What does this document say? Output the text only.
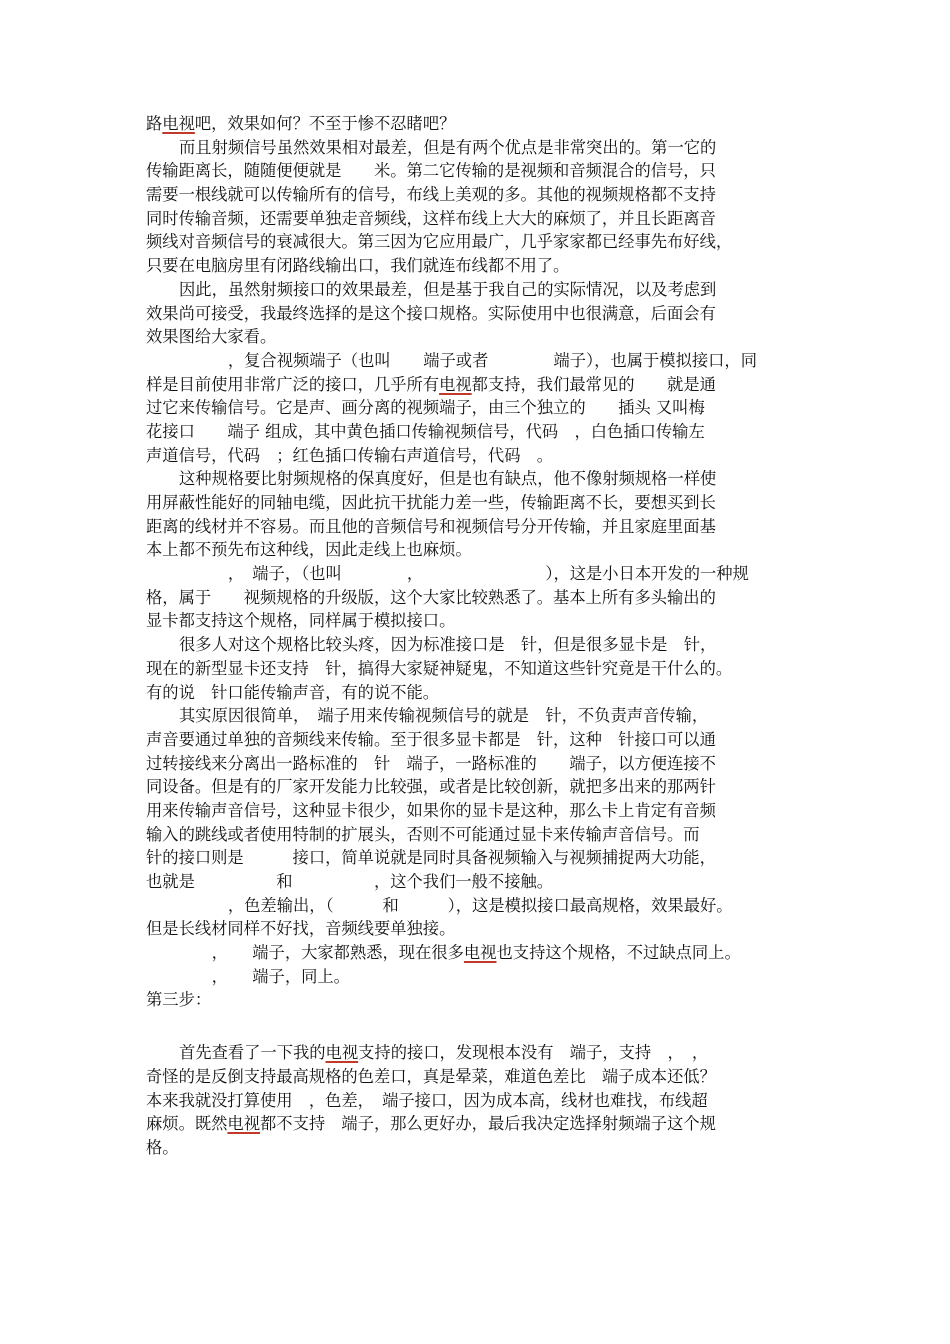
路电视吧，效果如何？不至于惨不忍睹吧？
而且射频信号虽然效果相对最差，但是有两个优点是非常突出的。第一它的
传输距离长，随随便便就是　　米。第二它传输的是视频和音频混合的信号，只
需要一根线就可以传输所有的信号，布线上美观的多。其他的视频规格都不支持
同时传输音频，还需要单独走音频线，这样布线上大大的麻烦了，并且长距离音
频线对音频信号的衰减很大。第三因为它应用最广，几乎家家都已经事先布好线，
只要在电脑房里有闭路线输出口，我们就连布线都不用了。
因此，虽然射频接口的效果最差，但是基于我自己的实际情况，以及考虑到
效果尚可接受，我最终选择的是这个接口规格。实际使用中也很满意，后面会有
效果图给大家看。
　　　，复合视频端子（也叫　　端子或者　　　　端子），也属于模拟接口，同
样是目前使用非常广泛的接口，几乎所有电视都支持，我们最常见的　　就是通
过它来传输信号。它是声、画分离的视频端子，由三个独立的　　插头 又叫梅
花接口　　端子 组成，其中黄色插口传输视频信号，代码　，白色插口传输左
声道信号，代码　；红色插口传输右声道信号，代码　。
这种规格要比射频规格的保真度好，但是也有缺点，他不像射频规格一样使
用屏蔽性能好的同轴电缆，因此抗干扰能力差一些，传输距离不长，要想买到长
距离的线材并不容易。而且他的音频信号和视频信号分开传输，并且家庭里面基
本上都不预先布这种线，因此走线上也麻烦。
　　　，　端子，（也叫　　　　，　　　　　　　　），这是小日本开发的一种规
格，属于　　视频规格的升级版，这个大家比较熟悉了。基本上所有多头输出的
显卡都支持这个规格，同样属于模拟接口。
很多人对这个规格比较头疼，因为标准接口是　针，但是很多显卡是　针，
现在的新型显卡还支持　针，搞得大家疑神疑鬼，不知道这些针究竟是干什么的。
有的说　针口能传输声音，有的说不能。
其实原因很简单，　端子用来传输视频信号的就是　针，不负责声音传输，
声音要通过单独的音频线来传输。至于很多显卡都是　针，这种　针接口可以通
过转接线来分离出一路标准的　针　端子，一路标准的　　端子，以方便连接不
同设备。但是有的厂家开发能力比较强，或者是比较创新，就把多出来的那两针
用来传输声音信号，这种显卡很少，如果你的显卡是这种，那么卡上肯定有音频
输入的跳线或者使用特制的扩展头，否则不可能通过显卡来传输声音信号。而
针的接口则是　　　接口，简单说就是同时具备视频输入与视频捕捉两大功能，
也就是　　　　　和　　　　　，这个我们一般不接触。
　　　，色差输出，（　　　和　　　），这是模拟接口最高规格，效果最好。
但是长线材同样不好找，音频线要单独接。
　　，　　端子，大家都熟悉，现在很多电视也支持这个规格，不过缺点同上。
　　，　　端子，同上。
第三步：
首先查看了一下我的电视支持的接口，发现根本没有　端子，支持　，　，
奇怪的是反倒支持最高规格的色差口，真是晕菜，难道色差比　端子成本还低？
本来我就没打算使用　，色差，　端子接口，因为成本高，线材也难找，布线超
麻烦。既然电视都不支持　端子，那么更好办，最后我决定选择射频端子这个规
格。
